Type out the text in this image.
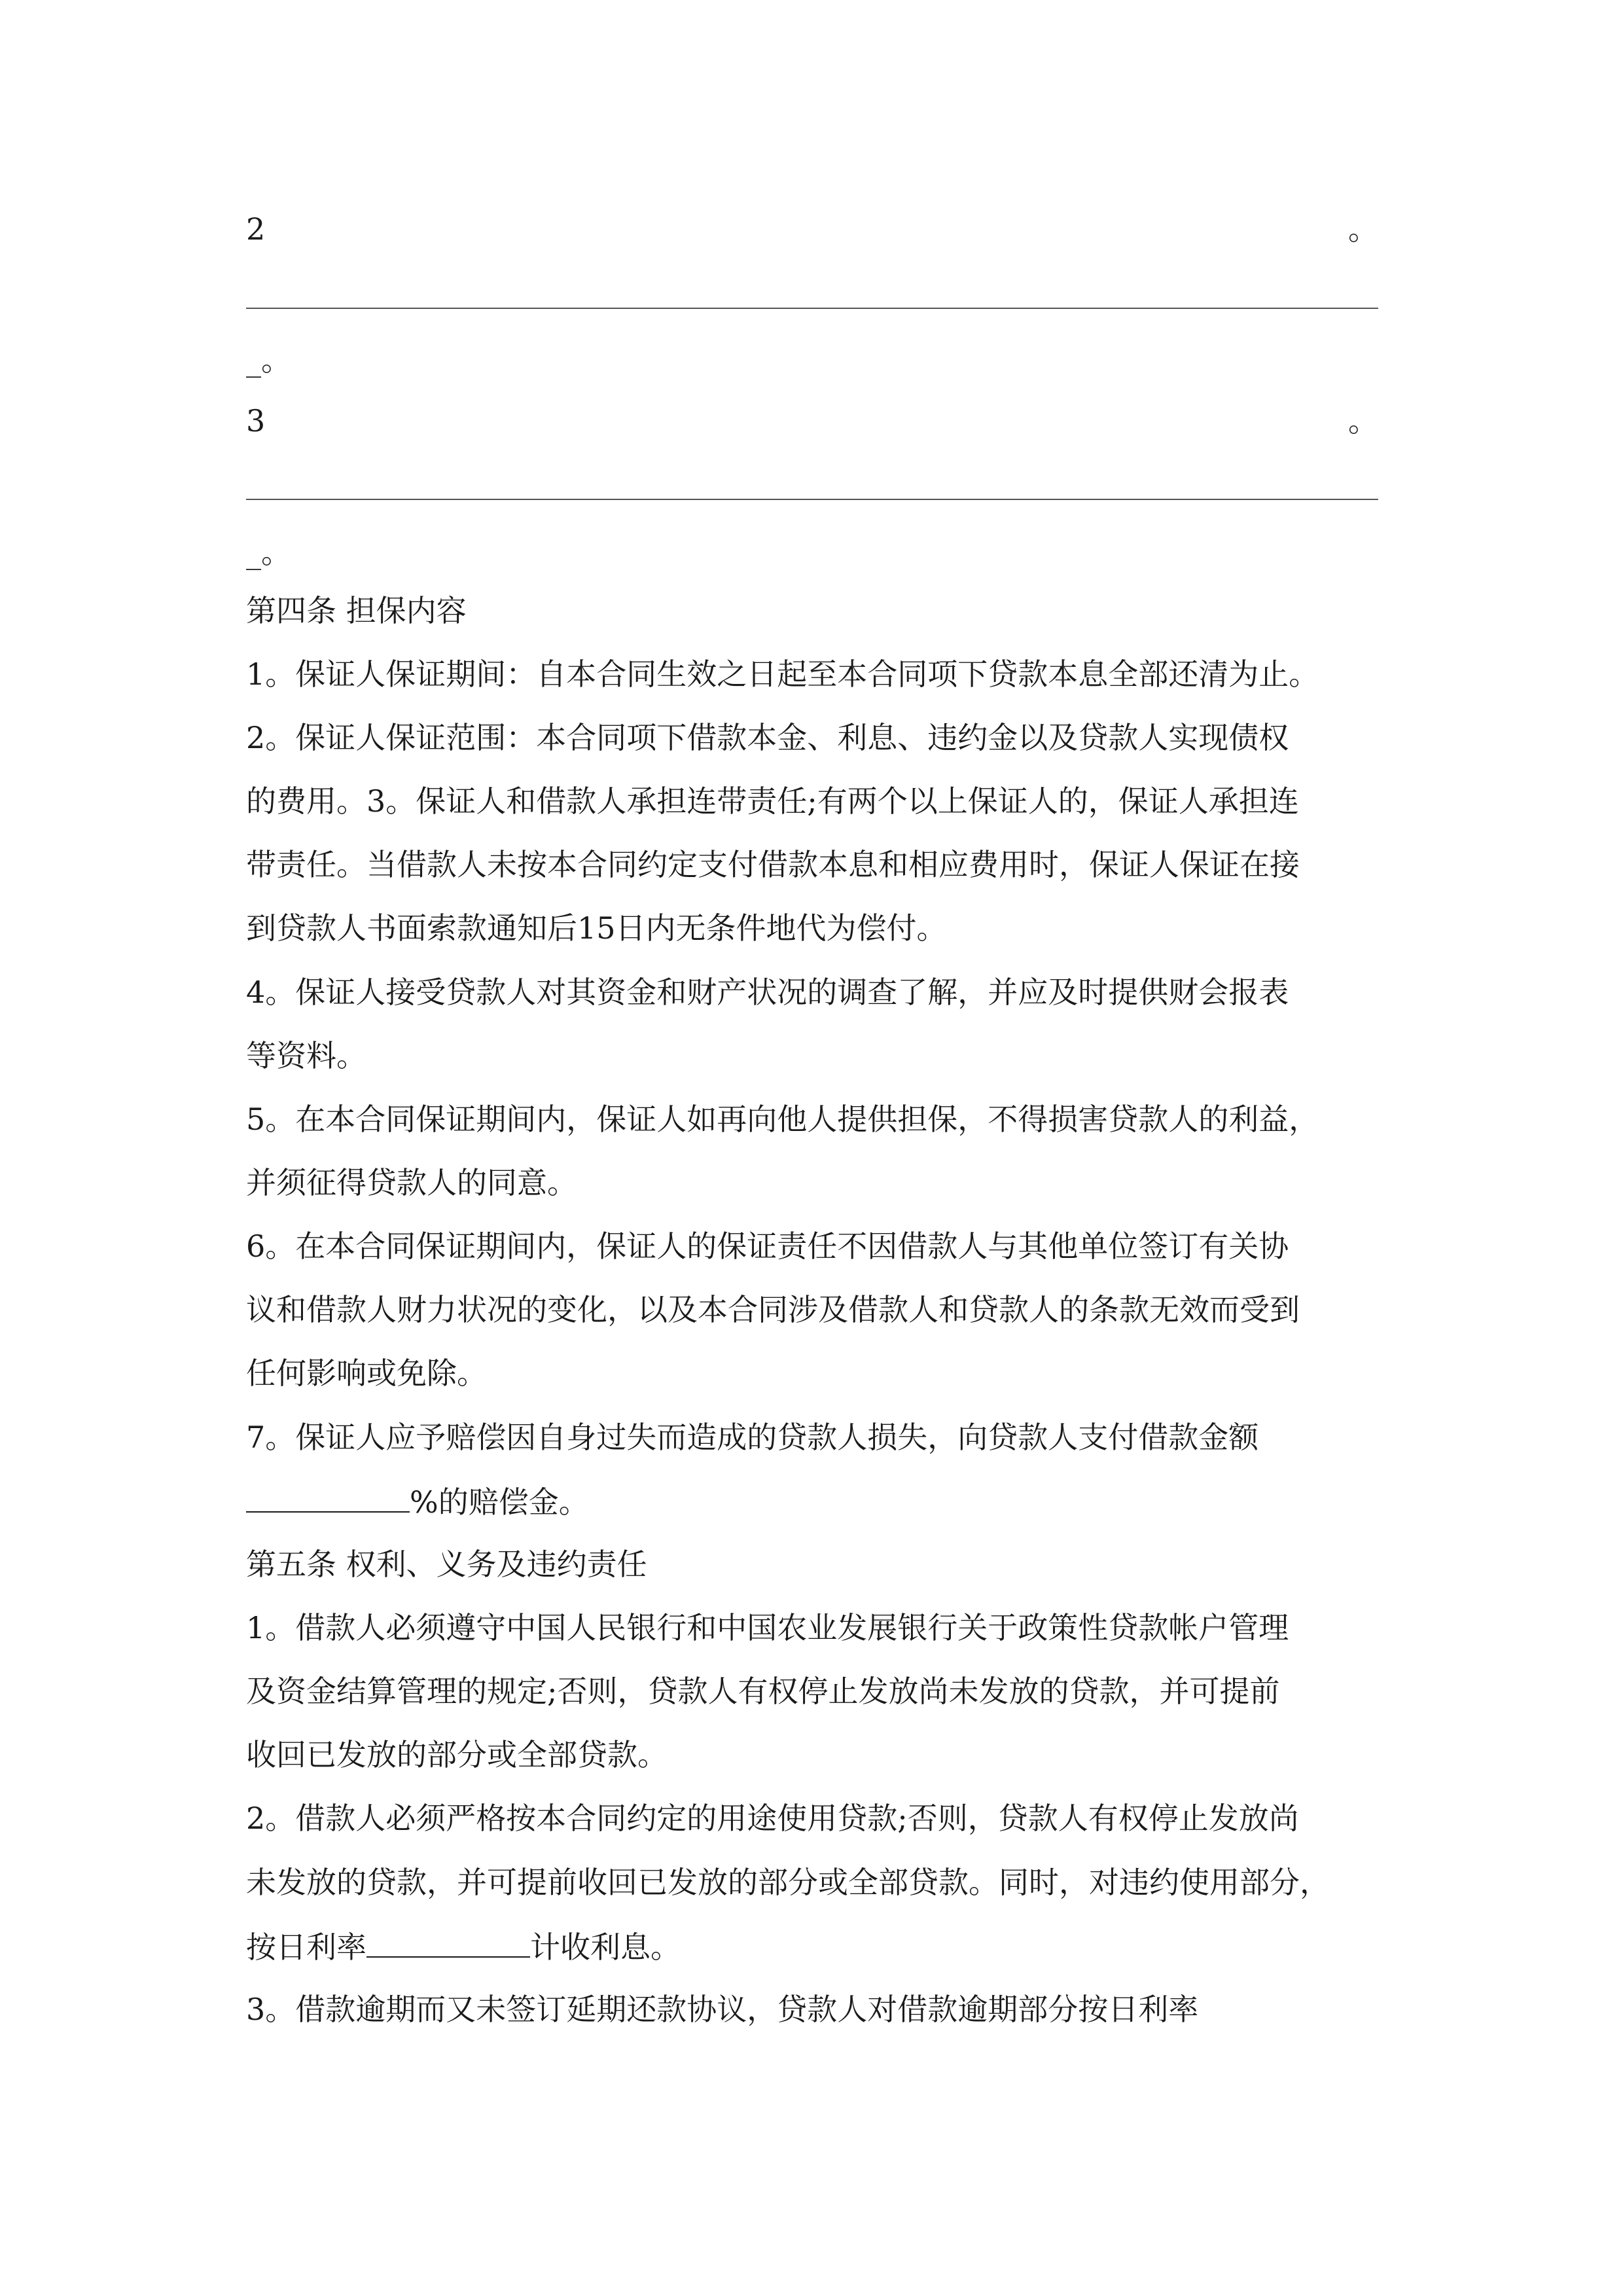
2	。
_。
3	。
_。
第四条 担保内容
1。保证人保证期间：自本合同生效之日起至本合同项下贷款本息全部还清为止。
2。保证人保证范围：本合同项下借款本金、利息、违约金以及贷款人实现债权
的费用。3。保证人和借款人承担连带责任;有两个以上保证人的，保证人承担连
带责任。当借款人未按本合同约定支付借款本息和相应费用时，保证人保证在接
到贷款人书面索款通知后15日内无条件地代为偿付。
4。保证人接受贷款人对其资金和财产状况的调查了解，并应及时提供财会报表
等资料。
5。在本合同保证期间内，保证人如再向他人提供担保，不得损害贷款人的利益，
并须征得贷款人的同意。
6。在本合同保证期间内，保证人的保证责任不因借款人与其他单位签订有关协
议和借款人财力状况的变化，以及本合同涉及借款人和贷款人的条款无效而受到
任何影响或免除。
7。保证人应予赔偿因自身过失而造成的贷款人损失，向贷款人支付借款金额
%的赔偿金。
第五条 权利、义务及违约责任
1。借款人必须遵守中国人民银行和中国农业发展银行关于政策性贷款帐户管理
及资金结算管理的规定;否则，贷款人有权停止发放尚未发放的贷款，并可提前
收回已发放的部分或全部贷款。
2。借款人必须严格按本合同约定的用途使用贷款;否则，贷款人有权停止发放尚
未发放的贷款，并可提前收回已发放的部分或全部贷款。同时，对违约使用部分，
按日利率	计收利息。
3。借款逾期而又未签订延期还款协议，贷款人对借款逾期部分按日利率
